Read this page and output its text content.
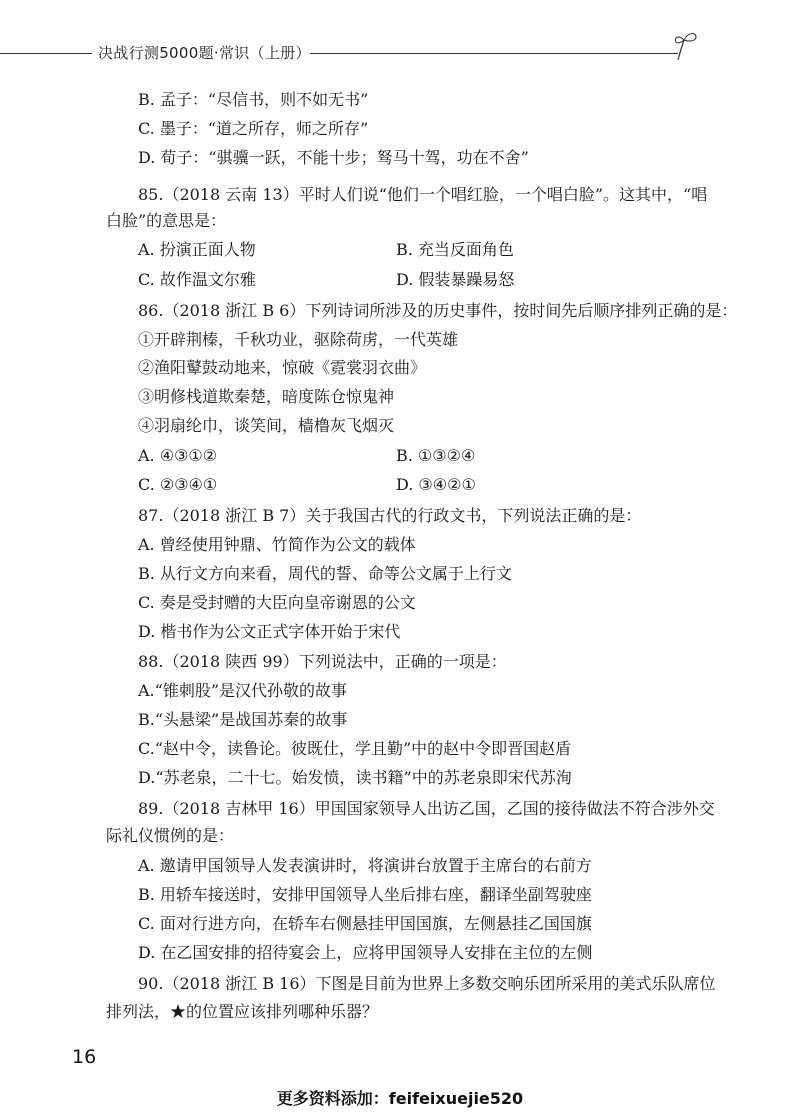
决战行测5000题·常识（上册）
B. 孟子：“尽信书，则不如无书”
C. 墨子：“道之所存，师之所存”
D. 荀子：“骐骥一跃，不能十步；驽马十驾，功在不舍”
85.（2018 云南 13）平时人们说“他们一个唱红脸，一个唱白脸”。这其中，“唱
白脸”的意思是：
A. 扮演正面人物	B. 充当反面角色
C. 故作温文尔雅	D. 假装暴躁易怒
86.（2018 浙江 B 6）下列诗词所涉及的历史事件，按时间先后顺序排列正确的是：
①开辟荆榛，千秋功业，驱除荷虏，一代英雄
②渔阳鼙鼓动地来，惊破《霓裳羽衣曲》
③明修栈道欺秦楚，暗度陈仓惊鬼神
④羽扇纶巾，谈笑间，樯橹灰飞烟灭
A. ④③①②	B. ①③②④
C. ②③④①	D. ③④②①
87.（2018 浙江 B 7）关于我国古代的行政文书，下列说法正确的是：
A. 曾经使用钟鼎、竹简作为公文的载体
B. 从行文方向来看，周代的誓、命等公文属于上行文
C. 奏是受封赠的大臣向皇帝谢恩的公文
D. 楷书作为公文正式字体开始于宋代
88.（2018 陕西 99）下列说法中，正确的一项是：
A.“锥刺股”是汉代孙敬的故事
B.“头悬梁”是战国苏秦的故事
C.“赵中令，读鲁论。彼既仕，学且勤”中的赵中令即晋国赵盾
D.“苏老泉，二十七。始发愤，读书籍”中的苏老泉即宋代苏洵
89.（2018 吉林甲 16）甲国国家领导人出访乙国，乙国的接待做法不符合涉外交
际礼仪惯例的是：
A. 邀请甲国领导人发表演讲时，将演讲台放置于主席台的右前方
B. 用轿车接送时，安排甲国领导人坐后排右座，翻译坐副驾驶座
C. 面对行进方向，在轿车右侧悬挂甲国国旗，左侧悬挂乙国国旗
D. 在乙国安排的招待宴会上，应将甲国领导人安排在主位的左侧
90.（2018 浙江 B 16）下图是目前为世界上多数交响乐团所采用的美式乐队席位
排列法，★的位置应该排列哪种乐器？
16
更多资料添加：feifeixuejie520
